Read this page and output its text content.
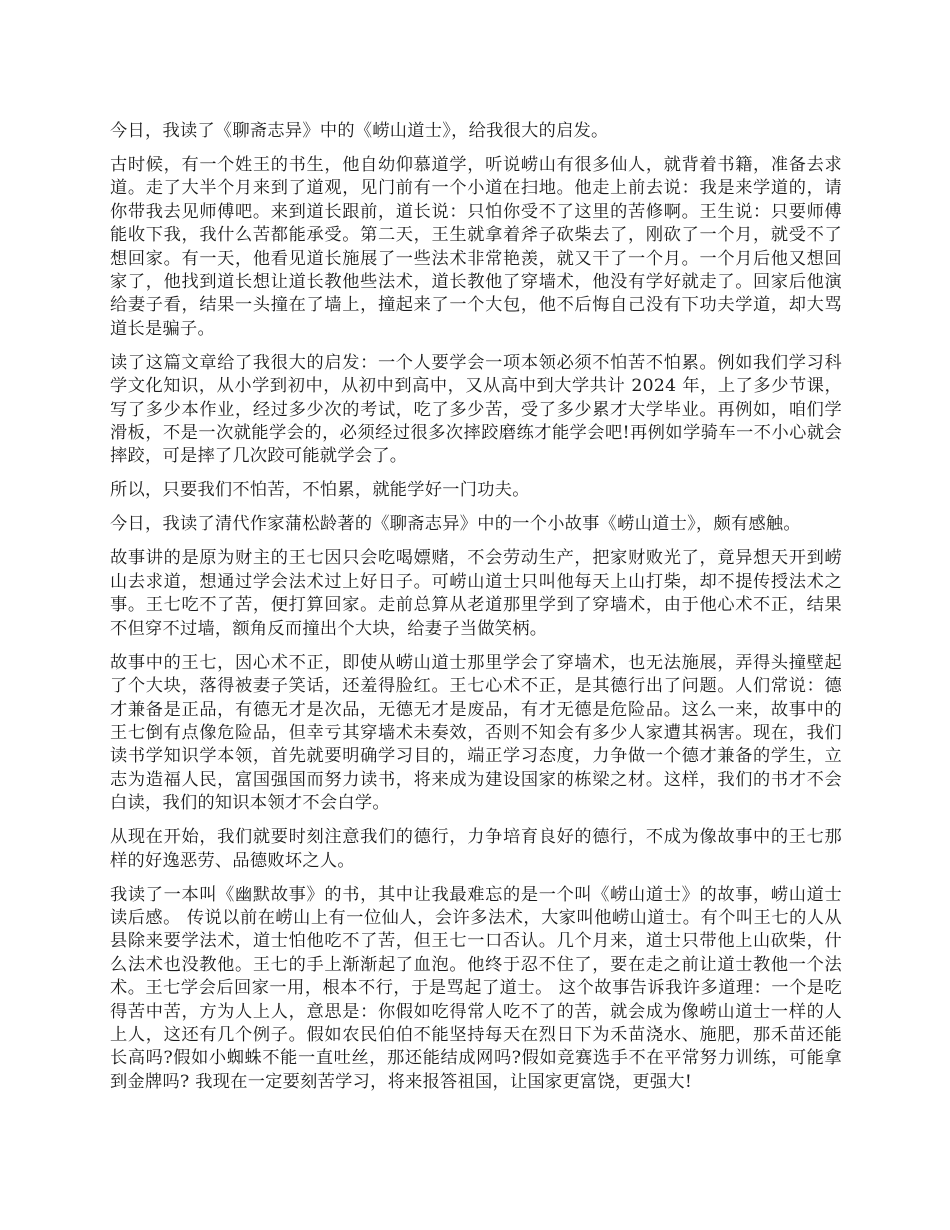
今日，我读了《聊斋志异》中的《崂山道士》，给我很大的启发。

古时候，有一个姓王的书生，他自幼仰慕道学，听说崂山有很多仙人，就背着书籍，准备去求道。走了大半个月来到了道观，见门前有一个小道在扫地。他走上前去说：我是来学道的，请你带我去见师傅吧。来到道长跟前，道长说：只怕你受不了这里的苦修啊。王生说：只要师傅能收下我，我什么苦都能承受。第二天，王生就拿着斧子砍柴去了，刚砍了一个月，就受不了想回家。有一天，他看见道长施展了一些法术非常艳羡，就又干了一个月。一个月后他又想回家了，他找到道长想让道长教他些法术，道长教他了穿墙术，他没有学好就走了。回家后他演给妻子看，结果一头撞在了墙上，撞起来了一个大包，他不后悔自己没有下功夫学道，却大骂道长是骗子。

读了这篇文章给了我很大的启发：一个人要学会一项本领必须不怕苦不怕累。例如我们学习科学文化知识，从小学到初中，从初中到高中，又从高中到大学共计 2024 年，上了多少节课，写了多少本作业，经过多少次的考试，吃了多少苦，受了多少累才大学毕业。再例如，咱们学滑板，不是一次就能学会的，必须经过很多次摔跤磨练才能学会吧!再例如学骑车一不小心就会摔跤，可是摔了几次跤可能就学会了。

所以，只要我们不怕苦，不怕累，就能学好一门功夫。

今日，我读了清代作家蒲松龄著的《聊斋志异》中的一个小故事《崂山道士》，颇有感触。

故事讲的是原为财主的王七因只会吃喝嫖赌，不会劳动生产，把家财败光了，竟异想天开到崂山去求道，想通过学会法术过上好日子。可崂山道士只叫他每天上山打柴，却不提传授法术之事。王七吃不了苦，便打算回家。走前总算从老道那里学到了穿墙术，由于他心术不正，结果不但穿不过墙，额角反而撞出个大块，给妻子当做笑柄。

故事中的王七，因心术不正，即使从崂山道士那里学会了穿墙术，也无法施展，弄得头撞壁起了个大块，落得被妻子笑话，还羞得脸红。王七心术不正，是其德行出了问题。人们常说：德才兼备是正品，有德无才是次品，无德无才是废品，有才无德是危险品。这么一来，故事中的王七倒有点像危险品，但幸亏其穿墙术未奏效，否则不知会有多少人家遭其祸害。现在，我们读书学知识学本领，首先就要明确学习目的，端正学习态度，力争做一个德才兼备的学生，立志为造福人民，富国强国而努力读书，将来成为建设国家的栋梁之材。这样，我们的书才不会白读，我们的知识本领才不会白学。

从现在开始，我们就要时刻注意我们的德行，力争培育良好的德行，不成为像故事中的王七那样的好逸恶劳、品德败坏之人。

我读了一本叫《幽默故事》的书，其中让我最难忘的是一个叫《崂山道士》的故事，崂山道士读后感。 传说以前在崂山上有一位仙人，会许多法术，大家叫他崂山道士。有个叫王七的人从县除来要学法术，道士怕他吃不了苦，但王七一口否认。几个月来，道士只带他上山砍柴，什么法术也没教他。王七的手上渐渐起了血泡。他终于忍不住了，要在走之前让道士教他一个法术。王七学会后回家一用，根本不行，于是骂起了道士。 这个故事告诉我许多道理：一个是吃得苦中苦，方为人上人，意思是：你假如吃得常人吃不了的苦，就会成为像崂山道士一样的人上人，这还有几个例子。假如农民伯伯不能坚持每天在烈日下为禾苗浇水、施肥，那禾苗还能长高吗?假如小蜘蛛不能一直吐丝，那还能结成网吗?假如竞赛选手不在平常努力训练，可能拿到金牌吗? 我现在一定要刻苦学习，将来报答祖国，让国家更富饶，更强大!
